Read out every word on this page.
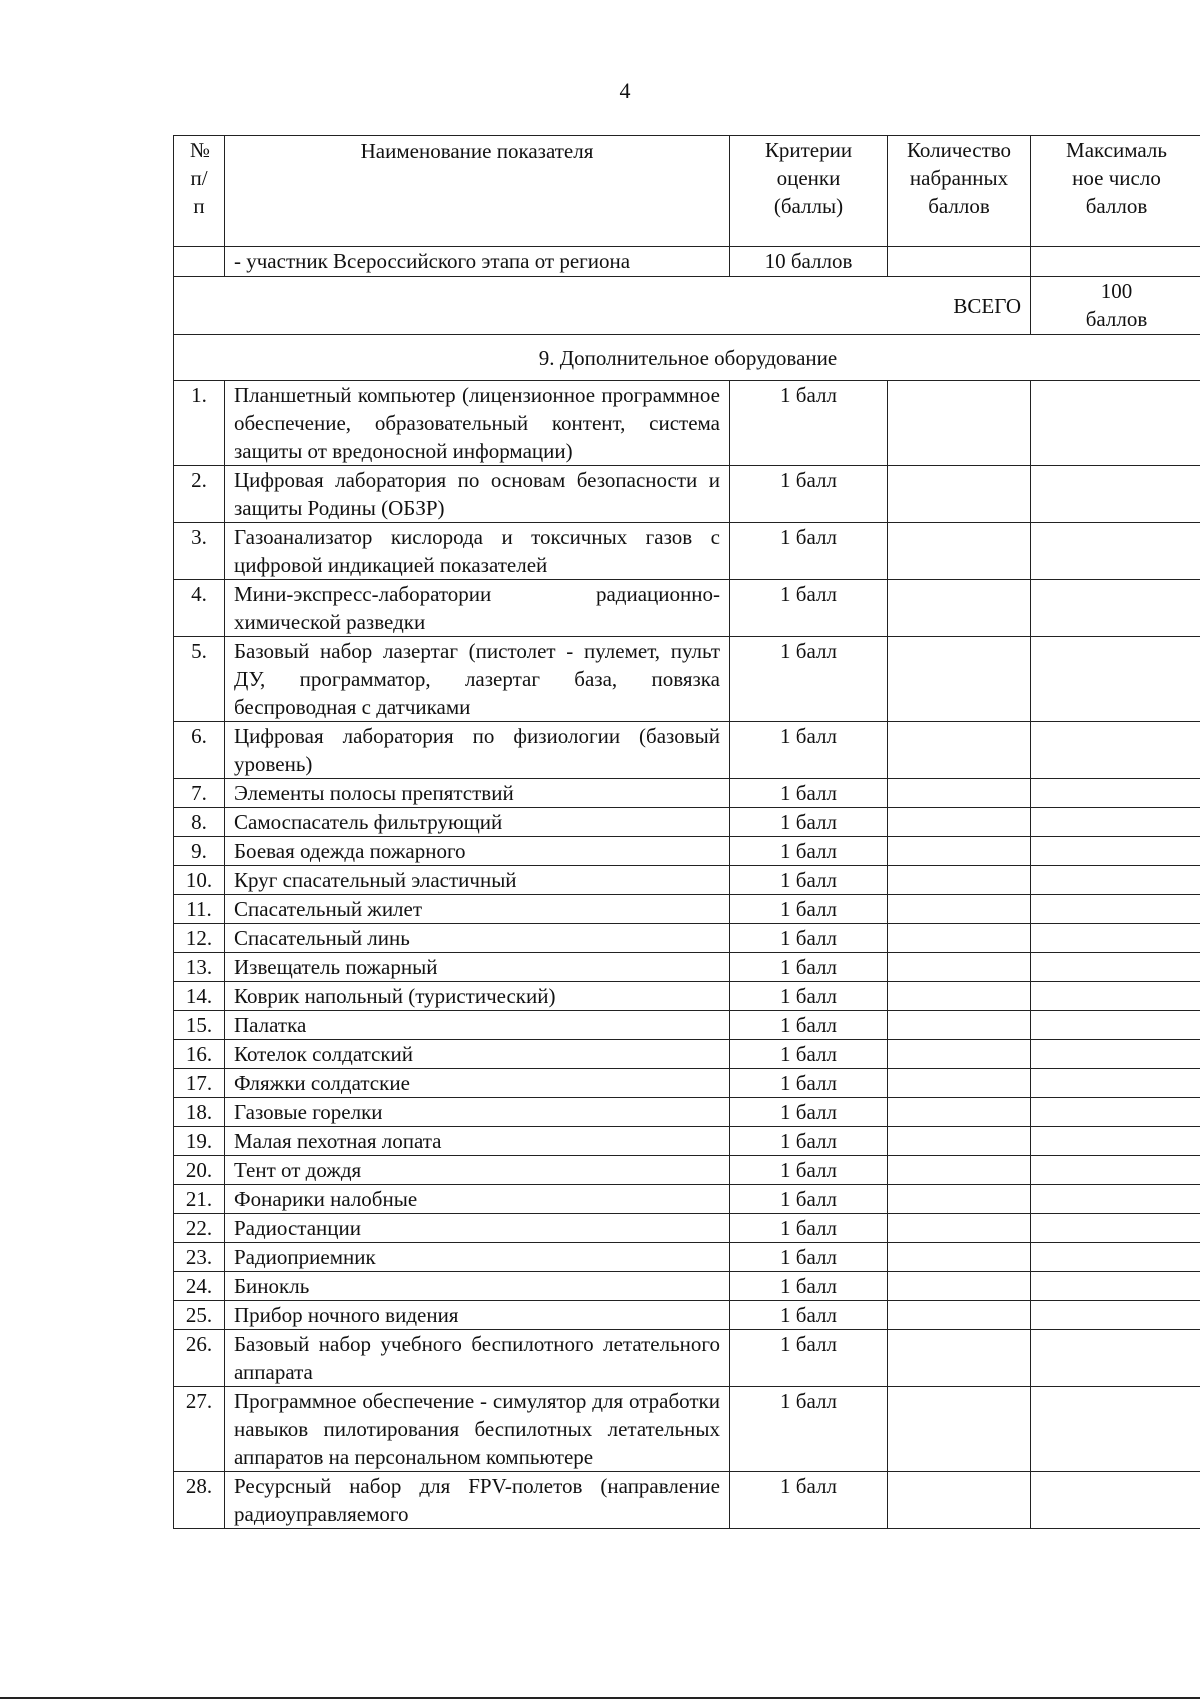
4
№ п/п	Наименование показателя	Критерии оценки (баллы)	Количество набранных баллов	Максималь ное число баллов
	- участник Всероссийского этапа от региона	10 баллов		
ВСЕГО				100 баллов
9. Дополнительное оборудование				
1.	Планшетный компьютер (лицензионное программное обеспечение, образовательный контент, система защиты от вредоносной информации)	1 балл		
2.	Цифровая лаборатория по основам безопасности и защиты Родины (ОБЗР)	1 балл		
3.	Газоанализатор кислорода и токсичных газов с цифровой индикацией показателей	1 балл		
4.	Мини-экспресс-лаборатории радиационно-химической разведки	1 балл		
5.	Базовый набор лазертаг (пистолет - пулемет, пульт ДУ, программатор, лазертаг база, повязка беспроводная с датчиками	1 балл		
6.	Цифровая лаборатория по физиологии (базовый уровень)	1 балл		
7.	Элементы полосы препятствий	1 балл		
8.	Самоспасатель фильтрующий	1 балл		
9.	Боевая одежда пожарного	1 балл		
10.	Круг спасательный эластичный	1 балл		
11.	Спасательный жилет	1 балл		
12.	Спасательный линь	1 балл		
13.	Извещатель пожарный	1 балл		
14.	Коврик напольный (туристический)	1 балл		
15.	Палатка	1 балл		
16.	Котелок солдатский	1 балл		
17.	Фляжки солдатские	1 балл		
18.	Газовые горелки	1 балл		
19.	Малая пехотная лопата	1 балл		
20.	Тент от дождя	1 балл		
21.	Фонарики налобные	1 балл		
22.	Радиостанции	1 балл		
23.	Радиоприемник	1 балл		
24.	Бинокль	1 балл		
25.	Прибор ночного видения	1 балл		
26.	Базовый набор учебного беспилотного летательного аппарата	1 балл		
27.	Программное обеспечение - симулятор для отработки навыков пилотирования беспилотных летательных аппаратов на персональном компьютере	1 балл		
28.	Ресурсный набор для FPV-полетов (направление радиоуправляемого	1 балл		
